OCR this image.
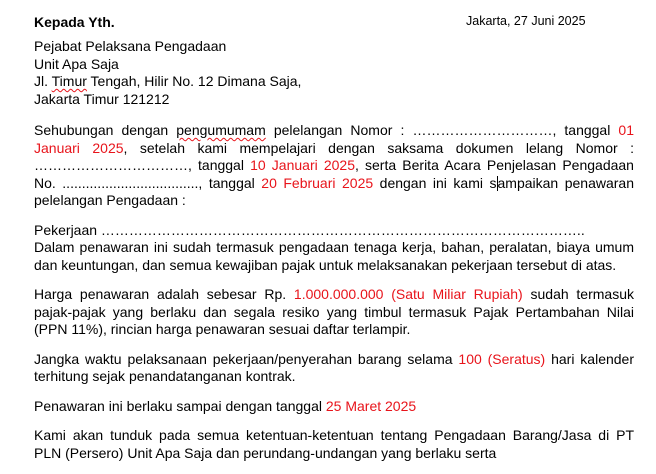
Kepada Yth.	Jakarta, 27 Juni 2025
Pejabat Pelaksana Pengadaan
Unit Apa Saja
Jl. Timur Tengah, Hilir No. 12 Dimana Saja,
Jakarta Timur 121212

Sehubungan dengan pengumumam pelelangan Nomor : …………………………, tanggal 01 Januari 2025, setelah kami mempelajari dengan saksama dokumen lelang Nomor : ……………………………, tanggal 10 Januari 2025, serta Berita Acara Penjelasan Pengadaan No. ..................................., tanggal 20 Februari 2025 dengan ini kami sampaikan penawaran pelelangan Pengadaan :

Pekerjaan …………………………………………………………………………………………..

Dalam penawaran ini sudah termasuk pengadaan tenaga kerja, bahan, peralatan, biaya umum dan keuntungan, dan semua kewajiban pajak untuk melaksanakan pekerjaan tersebut di atas.

Harga penawaran adalah sebesar Rp. 1.000.000.000 (Satu Miliar Rupiah) sudah termasuk pajak-pajak yang berlaku dan segala resiko yang timbul termasuk Pajak Pertambahan Nilai (PPN 11%), rincian harga penawaran sesuai daftar terlampir.

Jangka waktu pelaksanaan pekerjaan/penyerahan barang selama 100 (Seratus) hari kalender terhitung sejak penandatanganan kontrak.

Penawaran ini berlaku sampai dengan tanggal 25 Maret 2025

Kami akan tunduk pada semua ketentuan-ketentuan tentang Pengadaan Barang/Jasa di PT PLN (Persero) Unit Apa Saja dan perundang-undangan yang berlaku serta
